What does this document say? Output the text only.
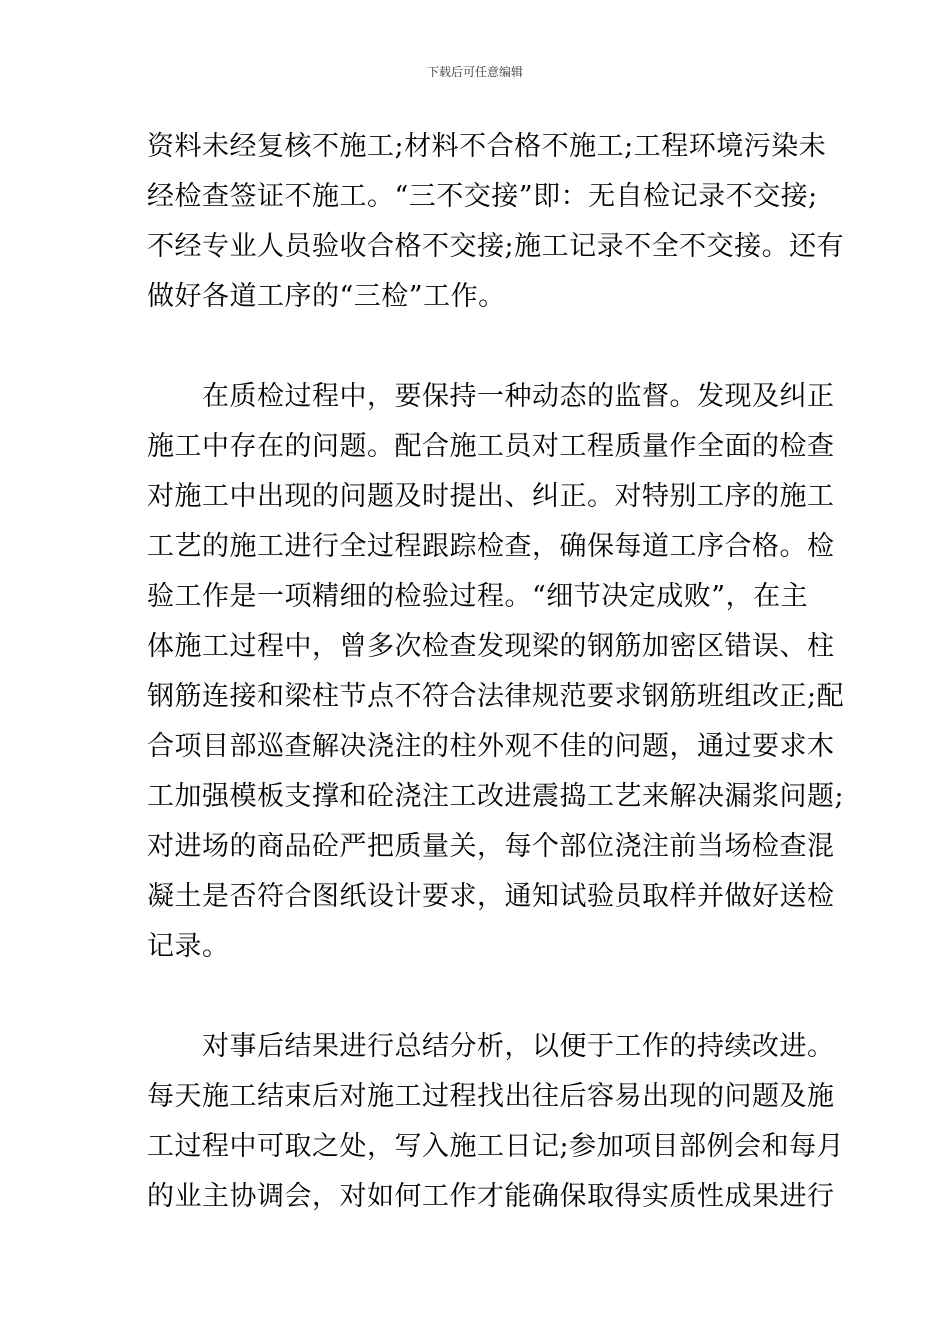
下载后可任意编辑
资料未经复核不施工;材料不合格不施工;工程环境污染未
经检查签证不施工。“三不交接”即：无自检记录不交接;
不经专业人员验收合格不交接;施工记录不全不交接。还有
做好各道工序的“三检”工作。
　　在质检过程中，要保持一种动态的监督。发现及纠正
施工中存在的问题。配合施工员对工程质量作全面的检查
对施工中出现的问题及时提出、纠正。对特别工序的施工
工艺的施工进行全过程跟踪检查，确保每道工序合格。检
验工作是一项精细的检验过程。“细节决定成败”，在主
体施工过程中，曾多次检查发现梁的钢筋加密区错误、柱
钢筋连接和梁柱节点不符合法律规范要求钢筋班组改正;配
合项目部巡查解决浇注的柱外观不佳的问题，通过要求木
工加强模板支撑和砼浇注工改进震捣工艺来解决漏浆问题;
对进场的商品砼严把质量关，每个部位浇注前当场检查混
凝土是否符合图纸设计要求，通知试验员取样并做好送检
记录。
　　对事后结果进行总结分析，以便于工作的持续改进。
每天施工结束后对施工过程找出往后容易出现的问题及施
工过程中可取之处，写入施工日记;参加项目部例会和每月
的业主协调会，对如何工作才能确保取得实质性成果进行
